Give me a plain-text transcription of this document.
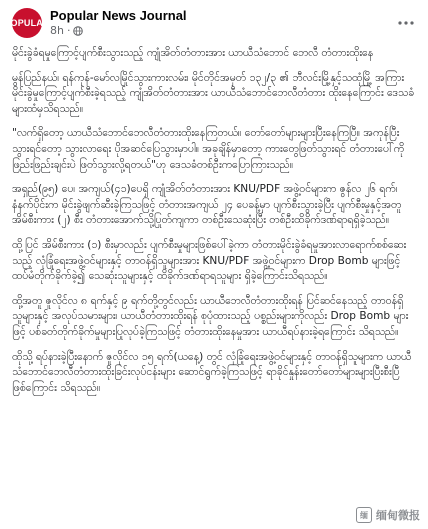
POPULAR Popular News Journal
8h ·

မိုင်းခွဲခံရမှုကြောင့်ပျက်စီးသွားသည့် ကျုံအိတ်တံတားအား ယာယီသံဘောင် ဘေလီ တံတားထိုးနေ

မွန်ပြည်နယ်၊ ရန်ကုန်-မော်လမြိုင်သွားကားလမ်း၊ မိုင်တိုင်အမှတ် ၁၃၂/၃ ၏ ဘီလင်းမြို့နှင့်သထုံမြို့ အကြား မိုင်းခွဲမှုကြောင့်ပျက်စီးခဲ့ရသည့် ကျုံအိတ်တံတားအား ယာယီသံဘောင်ဘေလီတံတား ထိုးနေကြောင်း ဒေသခံများထံမှသိရသည်။

"လက်ရှိတော့ ယာယီသံဘောင်ဘေလီတံတားထိုးနေကြတယ်။ တော်တော်များများပြီးနေကြပြီ။ အကုန်ပြီးသွားရင်တော့ သွားလာရေး ပိုအဆင်ပြေသွားမှာပါ။ အခုချိန်မှာတော့ ကားတွေဖြတ်သွားရင် တံတားပေါ်ကို ဖြည်းဖြည်းချင်းပဲ ဖြတ်သွားလို့ရတယ်"ဟု ဒေသခံတစ်ဦးကပြောကြားသည်။

အရှည်(၉၅) ပေ၊ အကျယ်(၄၁)ပေရှိ ကျုံအိတ်တံတားအား KNU/PDF အဖွဲ့ဝင်များက ဇွန်လ ၂၆ ရက်၊ နံနက်ပိုင်းက မိုင်းခွဲဖျက်ဆီးခဲ့ကြသဖြင့် တံတားအကျယ် ၂၄ ပေခန့်မှာ ပျက်စီးသွားခဲ့ပြီး ပျက်စီးမှုနှင့်အတူ အိမ်စီးကား (၂) စီး တံတားအောက်သို့ပြုတ်ကျကာ တစ်ဦးသေဆုံးပြီး တစ်ဦးထိခိုက်ဒဏ်ရာရရှိခဲ့သည်။

ထို့ပြင် အိမ်စီးကား (၁) စီးမှာလည်း ပျက်စီးမှုများဖြစ်ပေါ်ခဲ့ကာ တံတားမိုင်းခွဲခံရမှုအားလာရောက်စစ်ဆေးသည့် လုံခြုံရေးအဖွဲ့ဝင်များနှင့် တာဝန်ရှိသူများအား KNU/PDF အဖွဲ့ဝင်များက Drop Bomb များဖြင့် ထပ်မံတိုက်ခိုက်ခဲ့၍ သေဆုံးသူများနှင့် ထိခိုက်ဒဏ်ရာရသူများ ရှိခဲ့ကြောင်းသိရသည်။

ထို့အတူ ဇူလိုင်လ ၈ ရက်နှင့် ၉ ရက်တို့တွင်လည်း ယာယီဘေလီတံတားထိုးရန် ပြင်ဆင်နေသည့် တာဝန်ရှိသူများနှင့် အလုပ်သမားများ၊ ယာယီတံတားထိုးရန် စုပုံထားသည့် ပစ္စည်းများကိုလည်း Drop Bomb များဖြင့် ပစ်ခတ်တိုက်ခိုက်မှုများပြုလုပ်ခဲ့ကြသဖြင့် တံတားထိုးနေမှုအား ယာယီရပ်နားခဲ့ရကြောင်း သိရသည်။

ထိုသို့ ရပ်နားခဲ့ပြီးနောက် ဇူလိုင်လ ၁၅ ရက်(ယနေ့) တွင် လုံခြုံရေးအဖွဲ့ဝင်များနှင့် တာဝန်ရှိသူများက ယာယီသံဘောင်ဘေလီတံတားထိုးခြင်းလုပ်ငန်းများ ဆောင်ရွက်ခဲ့ကြသဖြင့် ရာခိုင်နှုန်းတော်တော်များများပြီးစီးပြီဖြစ်ကြောင်း သိရသည်။

缅 缅甸微报
